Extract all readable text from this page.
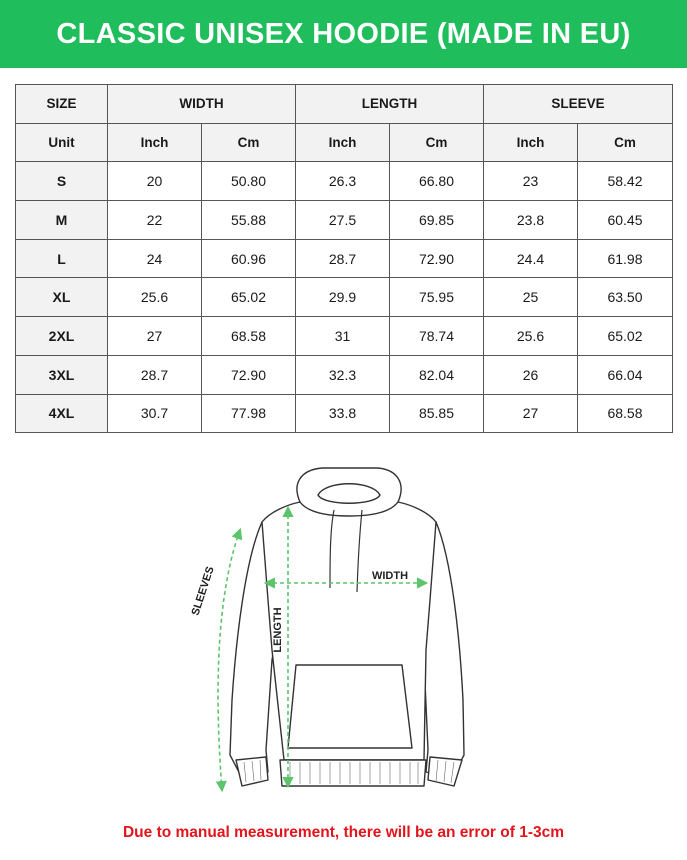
CLASSIC UNISEX HOODIE (MADE IN EU)
SIZE	WIDTH		LENGTH		SLEEVE	
Unit	Inch	Cm	Inch	Cm	Inch	Cm
S	20	50.80	26.3	66.80	23	58.42
M	22	55.88	27.5	69.85	23.8	60.45
L	24	60.96	28.7	72.90	24.4	61.98
XL	25.6	65.02	29.9	75.95	25	63.50
2XL	27	68.58	31	78.74	25.6	65.02
3XL	28.7	72.90	32.3	82.04	26	66.04
4XL	30.7	77.98	33.8	85.85	27	68.58
WIDTH
LENGTH
SLEEVES
Due to manual measurement, there will be an error of 1-3cm
